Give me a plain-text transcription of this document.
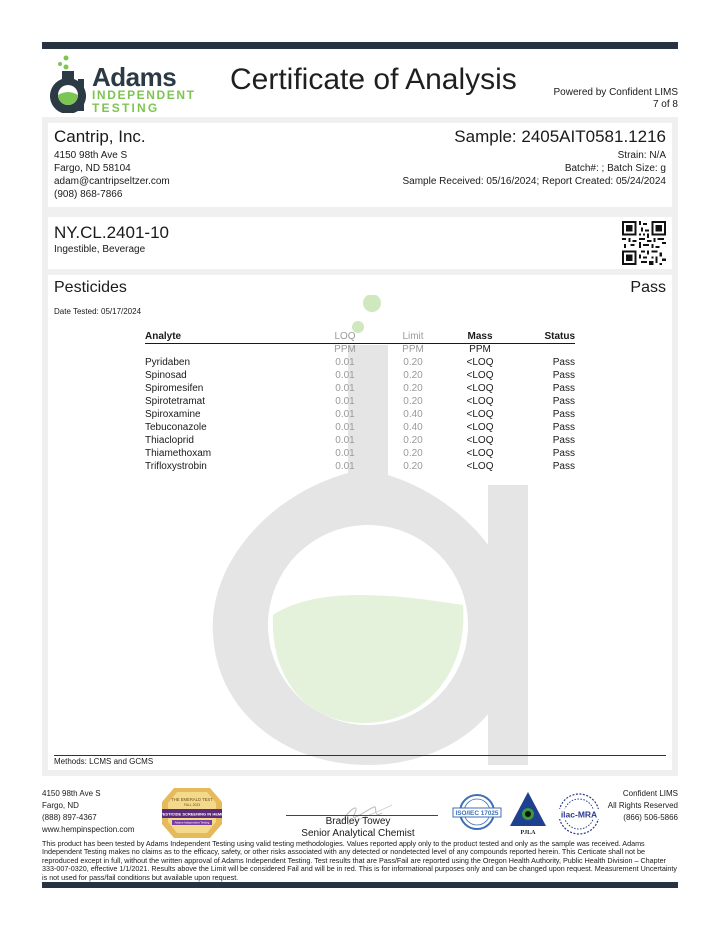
Adams
INDEPENDENT
TESTING
Certificate of Analysis	Powered by Confident LIMS
7 of 8
Cantrip, Inc.
4150 98th Ave S
Fargo, ND 58104
adam@cantripseltzer.com
(908) 868-7866
Sample: 2405AIT0581.1216
Strain: N/A
Batch#: ; Batch Size: g
Sample Received: 05/16/2024; Report Created: 05/24/2024
NY.CL.2401-10
Ingestible, Beverage
Pesticides	Pass
Date Tested: 05/17/2024
Analyte	LOQ	Limit	Mass	Status
	PPM	PPM	PPM	
Pyridaben	0.01	0.20	<LOQ	Pass
Spinosad	0.01	0.20	<LOQ	Pass
Spiromesifen	0.01	0.20	<LOQ	Pass
Spirotetramat	0.01	0.20	<LOQ	Pass
Spiroxamine	0.01	0.40	<LOQ	Pass
Tebuconazole	0.01	0.40	<LOQ	Pass
Thiacloprid	0.01	0.20	<LOQ	Pass
Thiamethoxam	0.01	0.20	<LOQ	Pass
Trifloxystrobin	0.01	0.20	<LOQ	Pass
Methods: LCMS and GCMS
4150 98th Ave S
Fargo, ND
(888) 897-4367
www.hempinspection.com
THE EMERALD TEST
FALL 2023
PESTICIDE SCREENING IN HEMP
Adams Independent Testing	Bradley Towey
Senior Analytical Chemist
ISO/IEC 17025
PJLA
ilac-MRA
Confident LIMS
All Rights Reserved
(866) 506-5866
This product has been tested by Adams Independent Testing using valid testing methodologies. Values reported apply only to the product tested and only as the sample was received. Adams Independent Testing makes no claims as to the efficacy, safety, or other risks associated with any detected or nondetected level of any compounds reported herein. This Certicate shall not be reproduced except in full, without the written approval of Adams Independent Testing. Test results that are Pass/Fail are reported using the Oregon Health Authority, Public Health Division – Chapter 333-007-0320, effective 1/1/2021. Results above the Limit will be considered Fail and will be in red. This is for informational purposes only and can be changed upon request. Measurement Uncertainty is not used for pass/fail conditions but available upon request.
